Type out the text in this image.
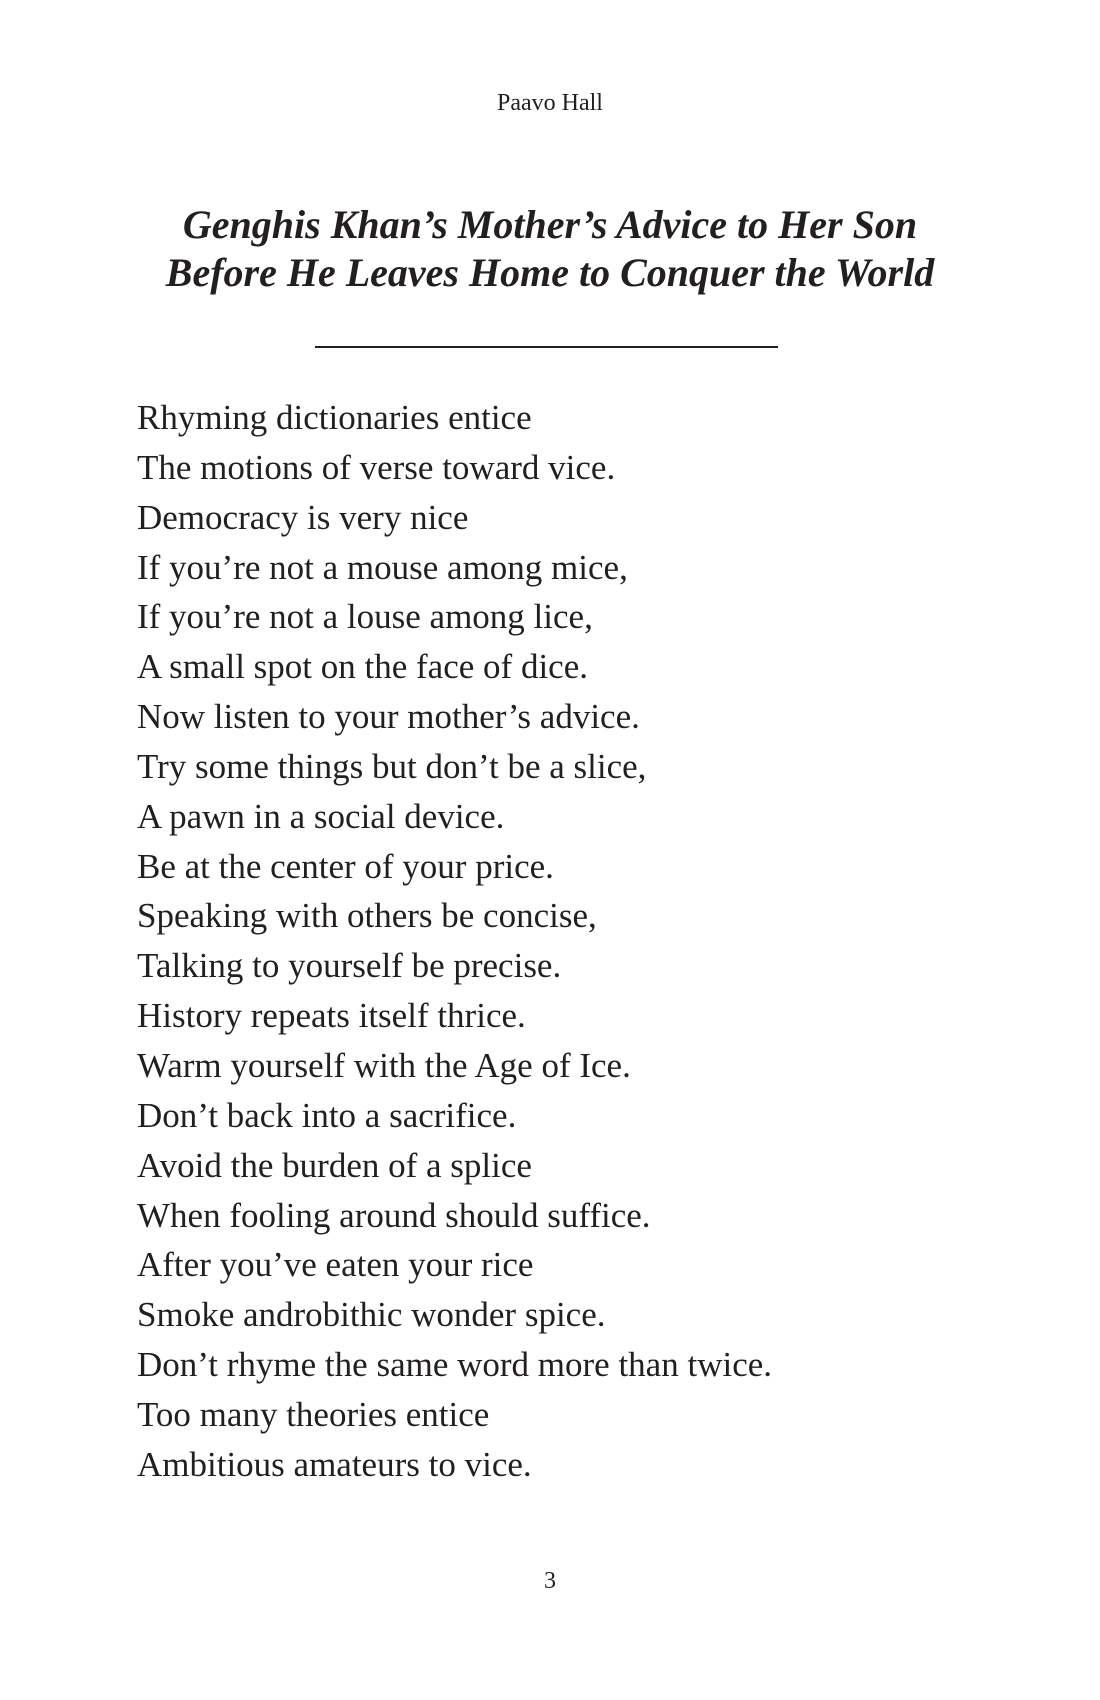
Paavo Hall
Genghis Khan’s Mother’s Advice to Her Son
Before He Leaves Home to Conquer the World
Rhyming dictionaries entice
The motions of verse toward vice.
Democracy is very nice
If you’re not a mouse among mice,
If you’re not a louse among lice,
A small spot on the face of dice.
Now listen to your mother’s advice.
Try some things but don’t be a slice,
A pawn in a social device.
Be at the center of your price.
Speaking with others be concise,
Talking to yourself be precise.
History repeats itself thrice.
Warm yourself with the Age of Ice.
Don’t back into a sacrifice.
Avoid the burden of a splice
When fooling around should suffice.
After you’ve eaten your rice
Smoke androbithic wonder spice.
Don’t rhyme the same word more than twice.
Too many theories entice
Ambitious amateurs to vice.
3
